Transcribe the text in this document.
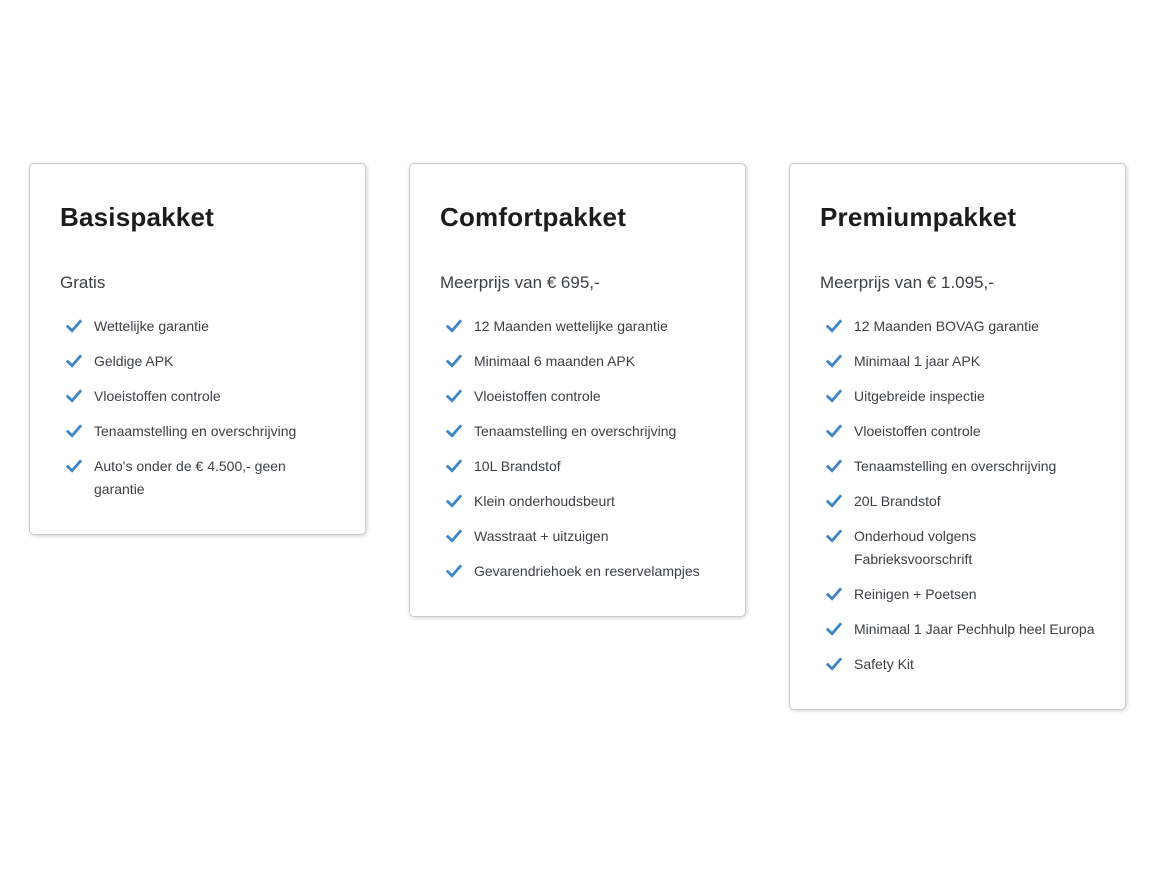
Basispakket

Gratis

Wettelijke garantie
Geldige APK
Vloeistoffen controle
Tenaamstelling en overschrijving
Auto's onder de € 4.500,- geen garantie
Comfortpakket

Meerprijs van € 695,-

12 Maanden wettelijke garantie
Minimaal 6 maanden APK
Vloeistoffen controle
Tenaamstelling en overschrijving
10L Brandstof
Klein onderhoudsbeurt
Wasstraat + uitzuigen
Gevarendriehoek en reservelampjes
Premiumpakket

Meerprijs van € 1.095,-

12 Maanden BOVAG garantie
Minimaal 1 jaar APK
Uitgebreide inspectie
Vloeistoffen controle
Tenaamstelling en overschrijving
20L Brandstof
Onderhoud volgens Fabrieksvoorschrift
Reinigen + Poetsen
Minimaal 1 Jaar Pechhulp heel Europa
Safety Kit
